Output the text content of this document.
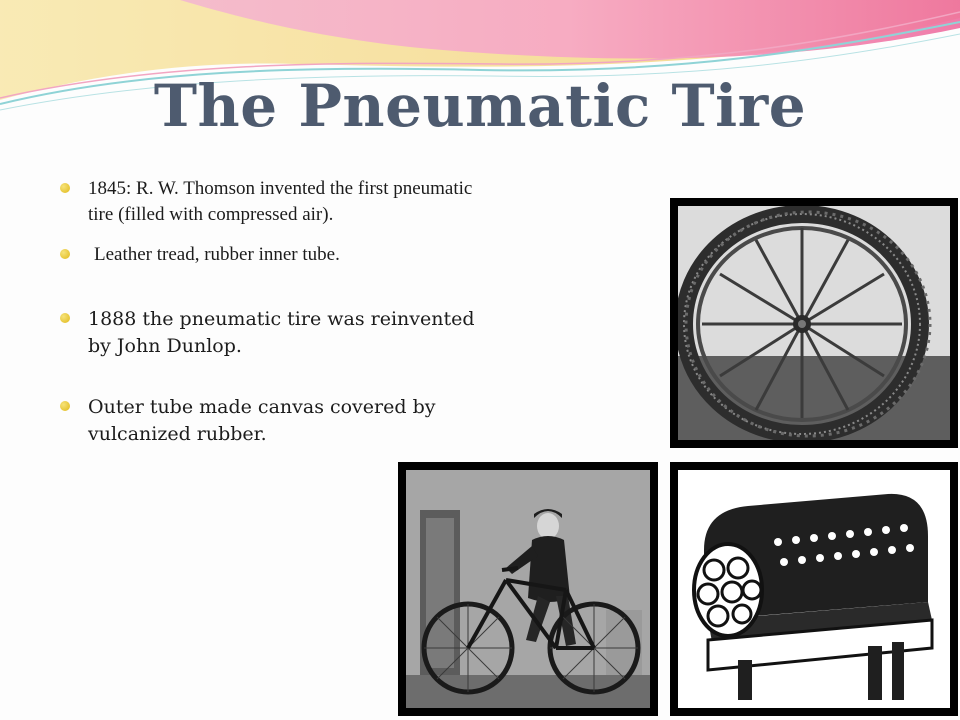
The Pneumatic Tire
1845: R. W. Thomson invented the first pneumatic tire (filled with compressed air).
Leather tread, rubber inner tube.
1888 the pneumatic tire was reinvented by John Dunlop.
Outer tube made canvas covered by vulcanized rubber.
